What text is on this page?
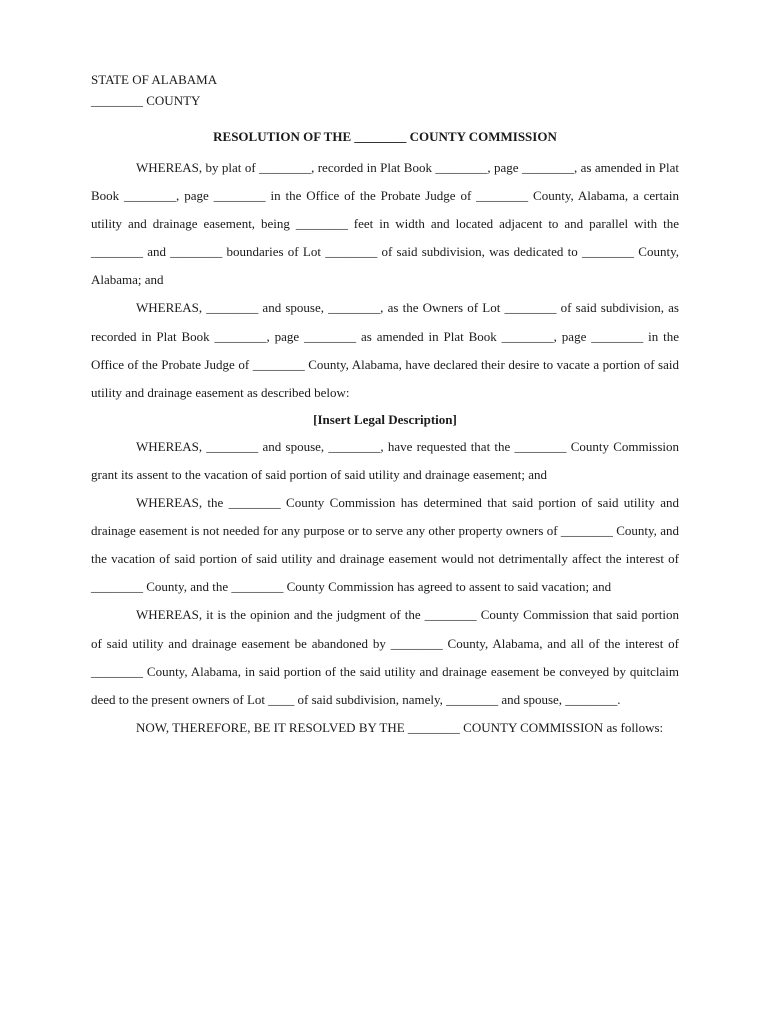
STATE OF ALABAMA
________ COUNTY
RESOLUTION OF THE ________ COUNTY COMMISSION

WHEREAS, by plat of ________, recorded in Plat Book ________, page ________, as amended in Plat Book ________, page ________ in the Office of the Probate Judge of ________ County, Alabama, a certain utility and drainage easement, being ________ feet in width and located adjacent to and parallel with the ________ and ________ boundaries of Lot ________ of said subdivision, was dedicated to ________ County, Alabama; and

WHEREAS, ________ and spouse, ________, as the Owners of Lot ________ of said subdivision, as recorded in Plat Book ________, page ________ as amended in Plat Book ________, page ________ in the Office of the Probate Judge of ________ County, Alabama, have declared their desire to vacate a portion of said utility and drainage easement as described below:

[Insert Legal Description]

WHEREAS, ________ and spouse, ________, have requested that the ________ County Commission grant its assent to the vacation of said portion of said utility and drainage easement; and

WHEREAS, the ________ County Commission has determined that said portion of said utility and drainage easement is not needed for any purpose or to serve any other property owners of ________ County, and the vacation of said portion of said utility and drainage easement would not detrimentally affect the interest of ________ County, and the ________ County Commission has agreed to assent to said vacation; and

WHEREAS, it is the opinion and the judgment of the ________ County Commission that said portion of said utility and drainage easement be abandoned by ________ County, Alabama, and all of the interest of ________ County, Alabama, in said portion of the said utility and drainage easement be conveyed by quitclaim deed to the present owners of Lot ____ of said subdivision, namely, ________ and spouse, ________.

NOW, THEREFORE, BE IT RESOLVED BY THE ________ COUNTY COMMISSION as follows:
